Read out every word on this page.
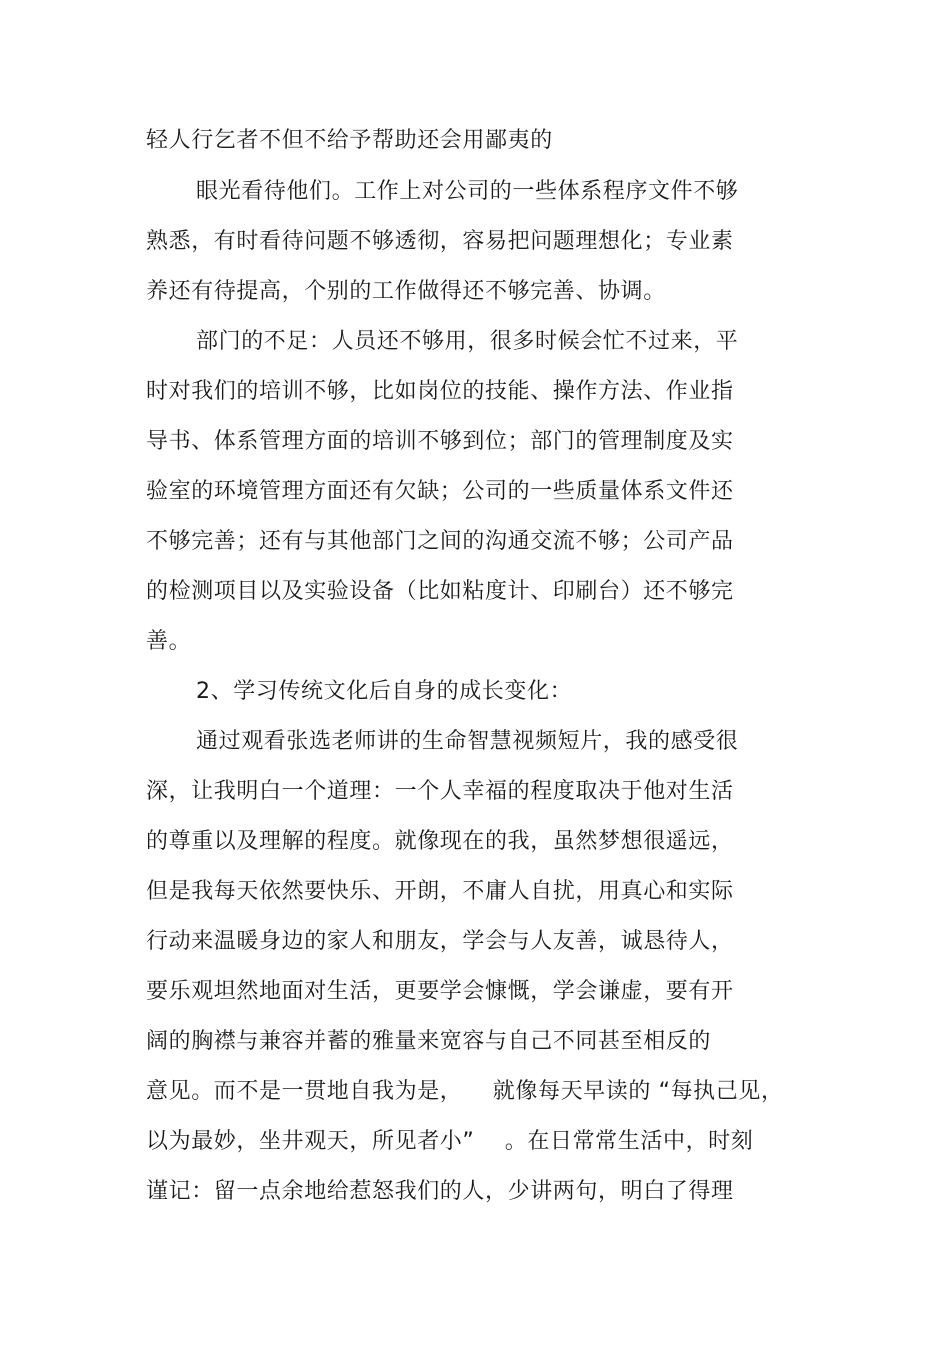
轻人行乞者不但不给予帮助还会用鄙夷的
眼光看待他们。工作上对公司的一些体系程序文件不够
熟悉，有时看待问题不够透彻，容易把问题理想化；专业素
养还有待提高，个别的工作做得还不够完善、协调。
部门的不足：人员还不够用，很多时候会忙不过来，平
时对我们的培训不够，比如岗位的技能、操作方法、作业指
导书、体系管理方面的培训不够到位；部门的管理制度及实
验室的环境管理方面还有欠缺；公司的一些质量体系文件还
不够完善；还有与其他部门之间的沟通交流不够；公司产品
的检测项目以及实验设备（比如粘度计、印刷台）还不够完
善。
2、学习传统文化后自身的成长变化：
通过观看张选老师讲的生命智慧视频短片，我的感受很
深，让我明白一个道理：一个人幸福的程度取决于他对生活
的尊重以及理解的程度。就像现在的我，虽然梦想很遥远，
但是我每天依然要快乐、开朗，不庸人自扰，用真心和实际
行动来温暖身边的家人和朋友，学会与人友善，诚恳待人，
要乐观坦然地面对生活，更要学会慷慨，学会谦虚，要有开
阔的胸襟与兼容并蓄的雅量来宽容与自己不同甚至相反的
意见。而不是一贯地自我为是，    就像每天早读的 “每执己见，
以为最妙，坐井观天，所见者小”    。在日常常生活中，时刻
谨记：留一点余地给惹怒我们的人，少讲两句，明白了得理
